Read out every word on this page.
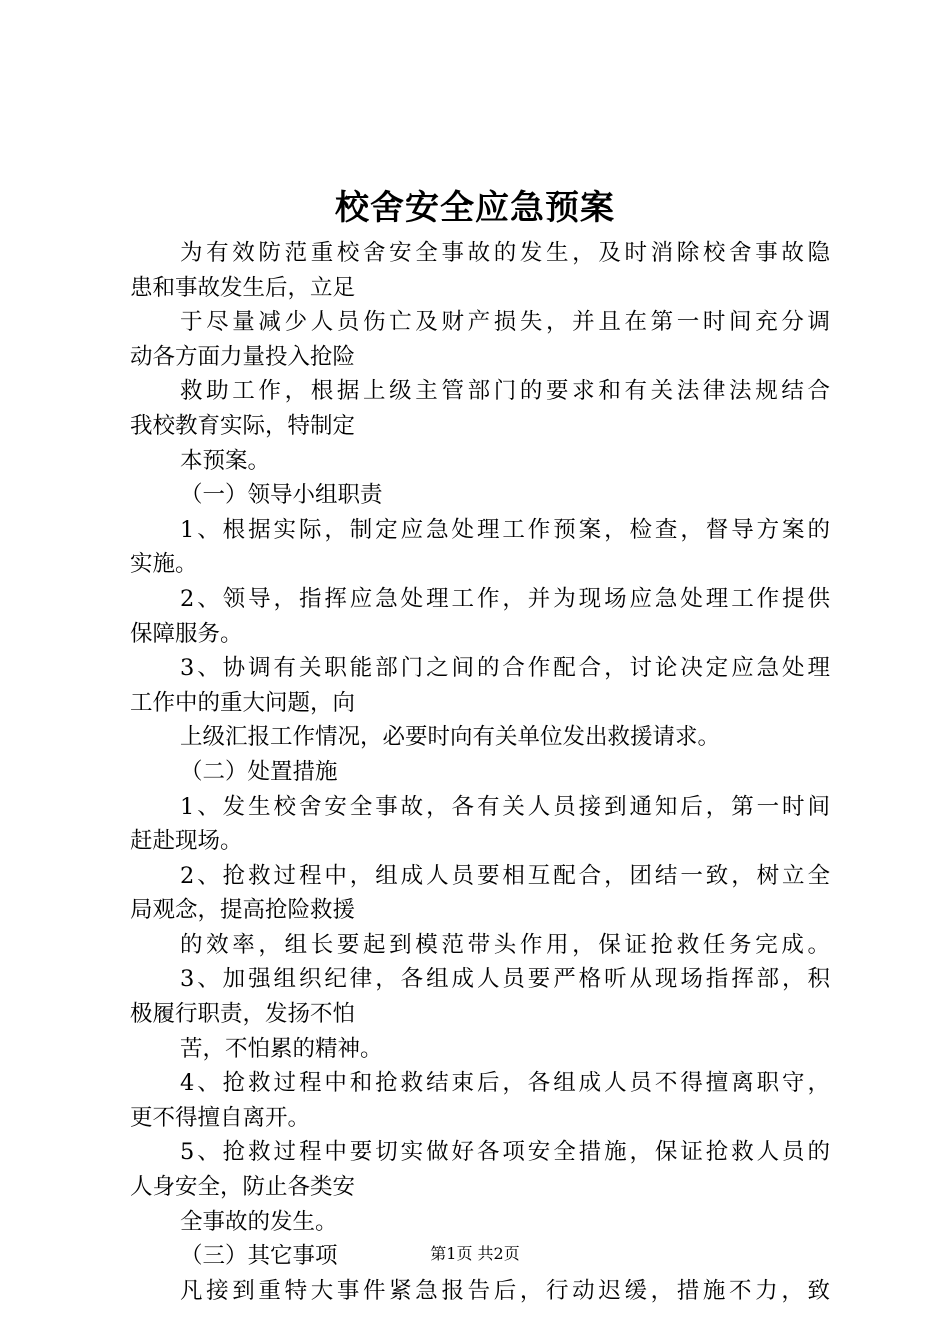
校舍安全应急预案
为有效防范重校舍安全事故的发生，及时消除校舍事故隐
患和事故发生后，立足
于尽量减少人员伤亡及财产损失，并且在第一时间充分调
动各方面力量投入抢险
救助工作，根据上级主管部门的要求和有关法律法规结合
我校教育实际，特制定
本预案。
（一）领导小组职责
1、根据实际，制定应急处理工作预案，检查，督导方案的
实施。
2、领导，指挥应急处理工作，并为现场应急处理工作提供
保障服务。
3、协调有关职能部门之间的合作配合，讨论决定应急处理
工作中的重大问题，向
上级汇报工作情况，必要时向有关单位发出救援请求。
（二）处置措施
1、发生校舍安全事故，各有关人员接到通知后，第一时间
赶赴现场。
2、抢救过程中，组成人员要相互配合，团结一致，树立全
局观念，提高抢险救援
的效率，组长要起到模范带头作用，保证抢救任务完成。
3、加强组织纪律，各组成人员要严格听从现场指挥部，积
极履行职责，发扬不怕
苦，不怕累的精神。
4、抢救过程中和抢救结束后，各组成人员不得擅离职守，
更不得擅自离开。
5、抢救过程中要切实做好各项安全措施，保证抢救人员的
人身安全，防止各类安
全事故的发生。
（三）其它事项
凡接到重特大事件紧急报告后，行动迟缓，措施不力，致
第1页 共2页
